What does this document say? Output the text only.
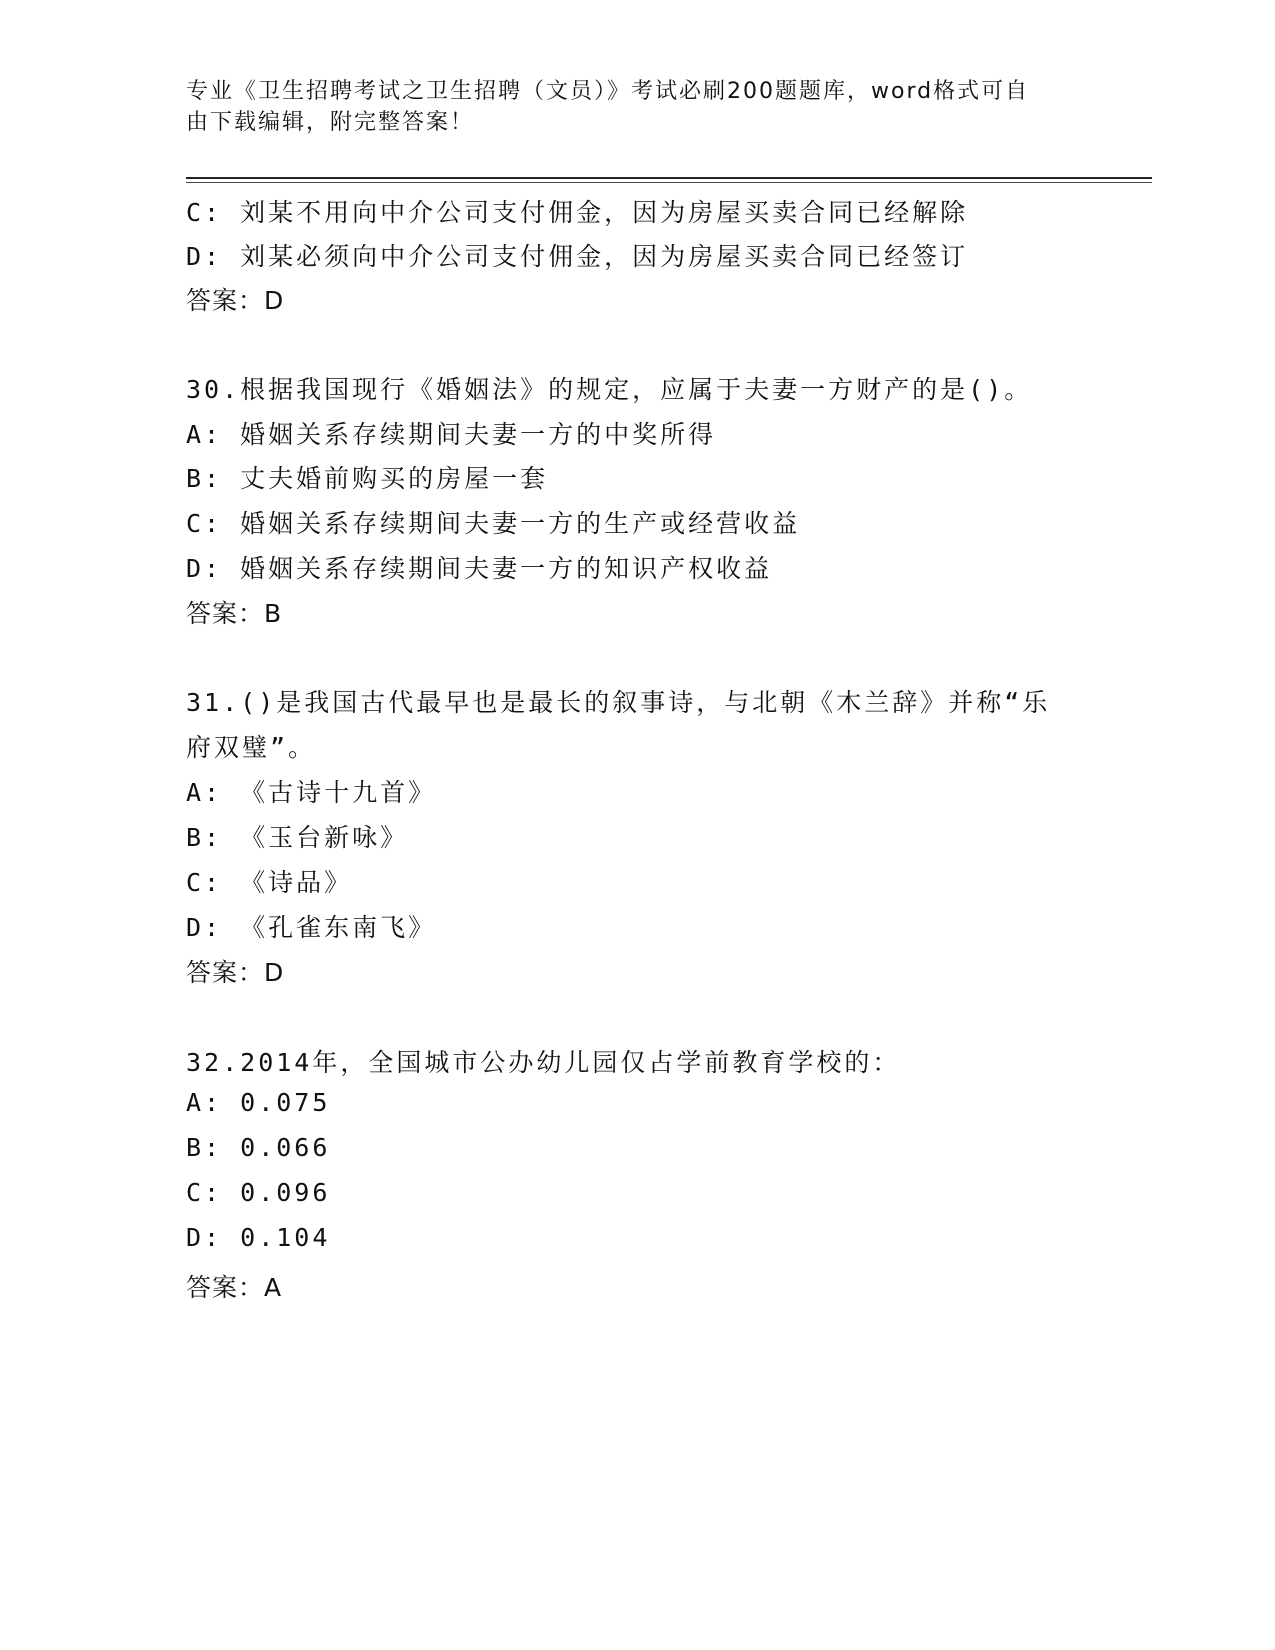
专业《卫生招聘考试之卫生招聘（文员）》考试必刷200题题库，word格式可自
由下载编辑，附完整答案！
C: 刘某不用向中介公司支付佣金，因为房屋买卖合同已经解除
D: 刘某必须向中介公司支付佣金，因为房屋买卖合同已经签订
答案：D
30.根据我国现行《婚姻法》的规定，应属于夫妻一方财产的是()。
A: 婚姻关系存续期间夫妻一方的中奖所得
B: 丈夫婚前购买的房屋一套
C: 婚姻关系存续期间夫妻一方的生产或经营收益
D: 婚姻关系存续期间夫妻一方的知识产权收益
答案：B
31.()是我国古代最早也是最长的叙事诗，与北朝《木兰辞》并称“乐
府双璧”。
A: 《古诗十九首》
B: 《玉台新咏》
C: 《诗品》
D: 《孔雀东南飞》
答案：D
32.2014年，全国城市公办幼儿园仅占学前教育学校的：
A: 0.075
B: 0.066
C: 0.096
D: 0.104
答案：A
